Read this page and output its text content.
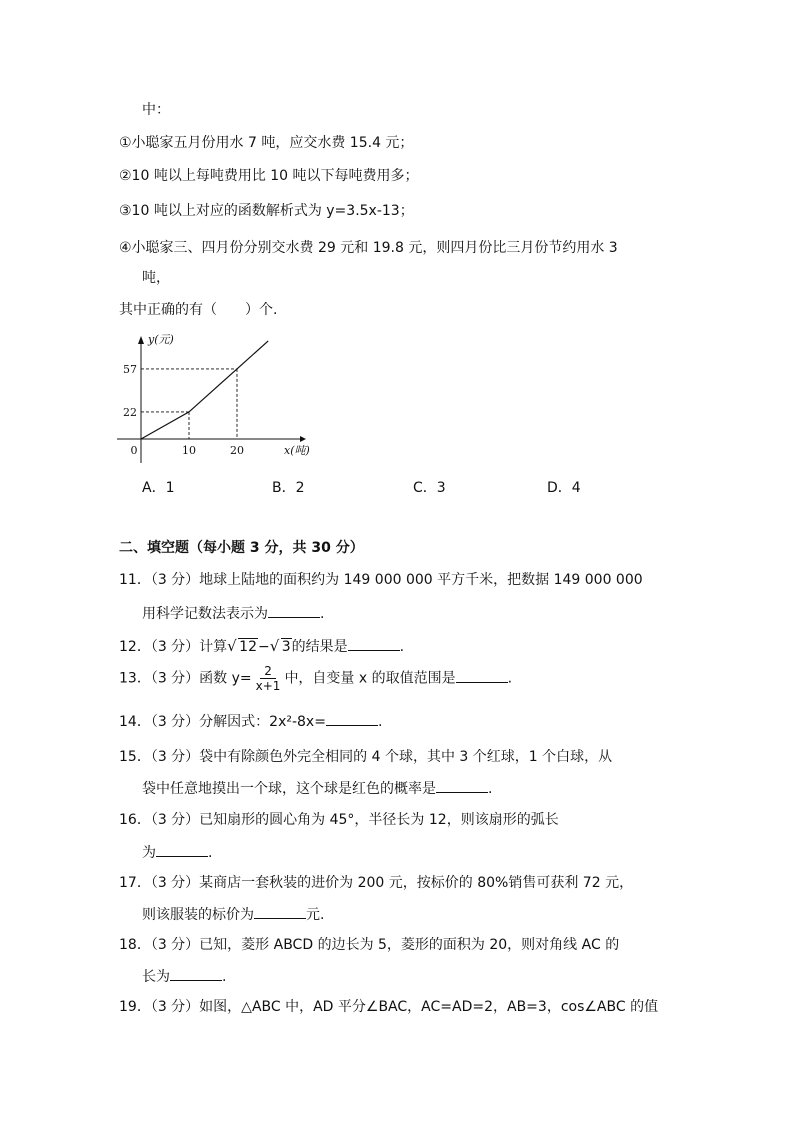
中：
①小聪家五月份用水 7 吨，应交水费 15.4 元；
②10 吨以上每吨费用比 10 吨以下每吨费用多；
③10 吨以上对应的函数解析式为 y=3.5x-13；
④小聪家三、四月份分别交水费 29 元和 19.8 元，则四月份比三月份节约用水 3
吨，
其中正确的有（　　）个.
y(元)
x(吨)
0	10	20
57
22
A．1	B．2	C．3	D．4
二、填空题（每小题 3 分，共 30 分）
11．（3 分）地球上陆地的面积约为 149 000 000 平方千米，把数据 149 000 000
用科学记数法表示为	.
12．（3 分）计算 √ 12− √ 3的结果是	.
13．（3 分）函数 $y= \frac{2}{x+1}$ 中，自变量 x 的取值范围是	.
14．（3 分）分解因式：2x²-8x=	.
15．（3 分）袋中有除颜色外完全相同的 4 个球，其中 3 个红球，1 个白球，从
袋中任意地摸出一个球，这个球是红色的概率是	.
16．（3 分）已知扇形的圆心角为 45°，半径长为 12，则该扇形的弧长
为	.
17．（3 分）某商店一套秋装的进价为 200 元，按标价的 80%销售可获利 72 元，
则该服装的标价为	元.
18．（3 分）已知，菱形 ABCD 的边长为 5，菱形的面积为 20，则对角线 AC 的
长为	.
19．（3 分）如图，△ABC 中，AD 平分∠BAC，AC=AD=2，AB=3，cos∠ABC 的值
